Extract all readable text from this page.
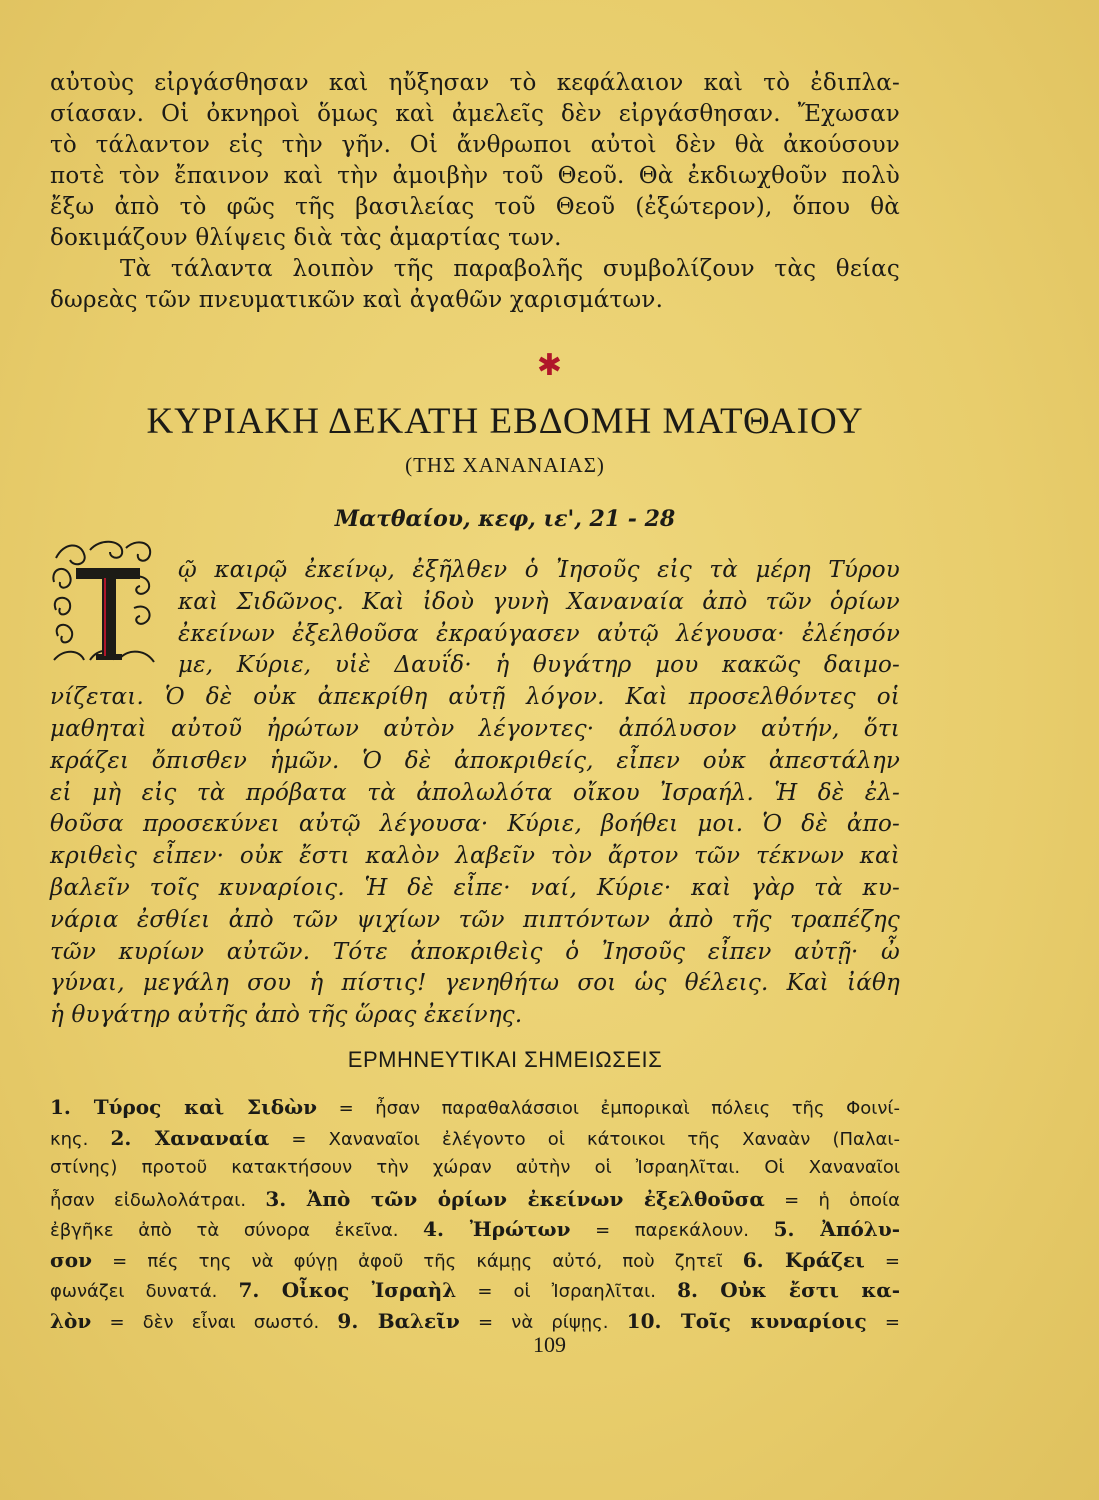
αὐτοὺς εἰργάσθησαν καὶ ηὔξησαν τὸ κεφάλαιον καὶ τὸ ἐδιπλα-
σίασαν. Οἱ ὀκνηροὶ ὅμως καὶ ἀμελεῖς δὲν εἰργάσθησαν. Ἔχωσαν
τὸ τάλαντον εἰς τὴν γῆν. Οἱ ἄνθρωποι αὐτοὶ δὲν θὰ ἀκούσουν
ποτὲ τὸν ἔπαινον καὶ τὴν ἀμοιβὴν τοῦ Θεοῦ. Θὰ ἐκδιωχθοῦν πολὺ
ἔξω ἀπὸ τὸ φῶς τῆς βασιλείας τοῦ Θεοῦ (ἐξώτερον), ὅπου θὰ
δοκιμάζουν θλίψεις διὰ τὰς ἁμαρτίας των.
Τὰ τάλαντα λοιπὸν τῆς παραβολῆς συμβολίζουν τὰς θείας
δωρεὰς τῶν πνευματικῶν καὶ ἀγαθῶν χαρισμάτων.
✱
ΚΥΡΙΑΚΗ ΔΕΚΑΤΗ ΕΒΔΟΜΗ ΜΑΤΘΑΙΟΥ
(ΤΗΣ ΧΑΝΑΝΑΙΑΣ)
Ματθαίου, κεφ, ιε', 21 - 28
Τ
ῷ καιρῷ ἐκείνῳ, ἐξῆλθεν ὁ Ἰησοῦς εἰς τὰ μέρη Τύρου
καὶ Σιδῶνος. Καὶ ἰδοὺ γυνὴ Χαναναία ἀπὸ τῶν ὁρίων
ἐκείνων ἐξελθοῦσα ἐκραύγασεν αὐτῷ λέγουσα· ἐλέησόν
με, Κύριε, υἱὲ Δαυΐδ· ἡ θυγάτηρ μου κακῶς δαιμο-
νίζεται. Ὁ δὲ οὐκ ἀπεκρίθη αὐτῇ λόγον. Καὶ προσελθόντες οἱ
μαθηταὶ αὐτοῦ ἠρώτων αὐτὸν λέγοντες· ἀπόλυσον αὐτήν, ὅτι
κράζει ὄπισθεν ἡμῶν. Ὁ δὲ ἀποκριθείς, εἶπεν οὐκ ἀπεστάλην
εἰ μὴ εἰς τὰ πρόβατα τὰ ἀπολωλότα οἴκου Ἰσραήλ. Ἡ δὲ ἐλ-
θοῦσα προσεκύνει αὐτῷ λέγουσα· Κύριε, βοήθει μοι. Ὁ δὲ ἀπο-
κριθεὶς εἶπεν· οὐκ ἔστι καλὸν λαβεῖν τὸν ἄρτον τῶν τέκνων καὶ
βαλεῖν τοῖς κυναρίοις. Ἡ δὲ εἶπε· ναί, Κύριε· καὶ γὰρ τὰ κυ-
νάρια ἐσθίει ἀπὸ τῶν ψιχίων τῶν πιπτόντων ἀπὸ τῆς τραπέζης
τῶν κυρίων αὐτῶν. Τότε ἀποκριθεὶς ὁ Ἰησοῦς εἶπεν αὐτῇ· ὦ
γύναι, μεγάλη σου ἡ πίστις! γενηθήτω σοι ὡς θέλεις. Καὶ ἰάθη
ἡ θυγάτηρ αὐτῆς ἀπὸ τῆς ὥρας ἐκείνης.
ΕΡΜΗΝΕΥΤΙΚΑΙ ΣΗΜΕΙΩΣΕΙΣ
1. Τύρος καὶ Σιδὼν = ἦσαν παραθαλάσσιοι ἐμπορικαὶ πόλεις τῆς Φοινί-
κης. 2. Χαναναία = Χαναναῖοι ἐλέγοντο οἱ κάτοικοι τῆς Χαναὰν (Παλαι-
στίνης) προτοῦ κατακτήσουν τὴν χώραν αὐτὴν οἱ Ἰσραηλῖται. Οἱ Χαναναῖοι
ἦσαν εἰδωλολάτραι. 3. Ἀπὸ τῶν ὁρίων ἐκείνων ἐξελθοῦσα = ἡ ὁποία
ἐβγῆκε ἀπὸ τὰ σύνορα ἐκεῖνα. 4. Ἠρώτων = παρεκάλουν. 5. Ἀπόλυ-
σον = πές της νὰ φύγῃ ἀφοῦ τῆς κάμῃς αὐτό, ποὺ ζητεῖ 6. Κράζει =
φωνάζει δυνατά. 7. Οἶκος Ἰσραὴλ = οἱ Ἰσραηλῖται. 8. Οὐκ ἔστι κα-
λὸν = δὲν εἶναι σωστό. 9. Βαλεῖν = νὰ ρίψῃς. 10. Τοῖς κυναρίοις =
109
